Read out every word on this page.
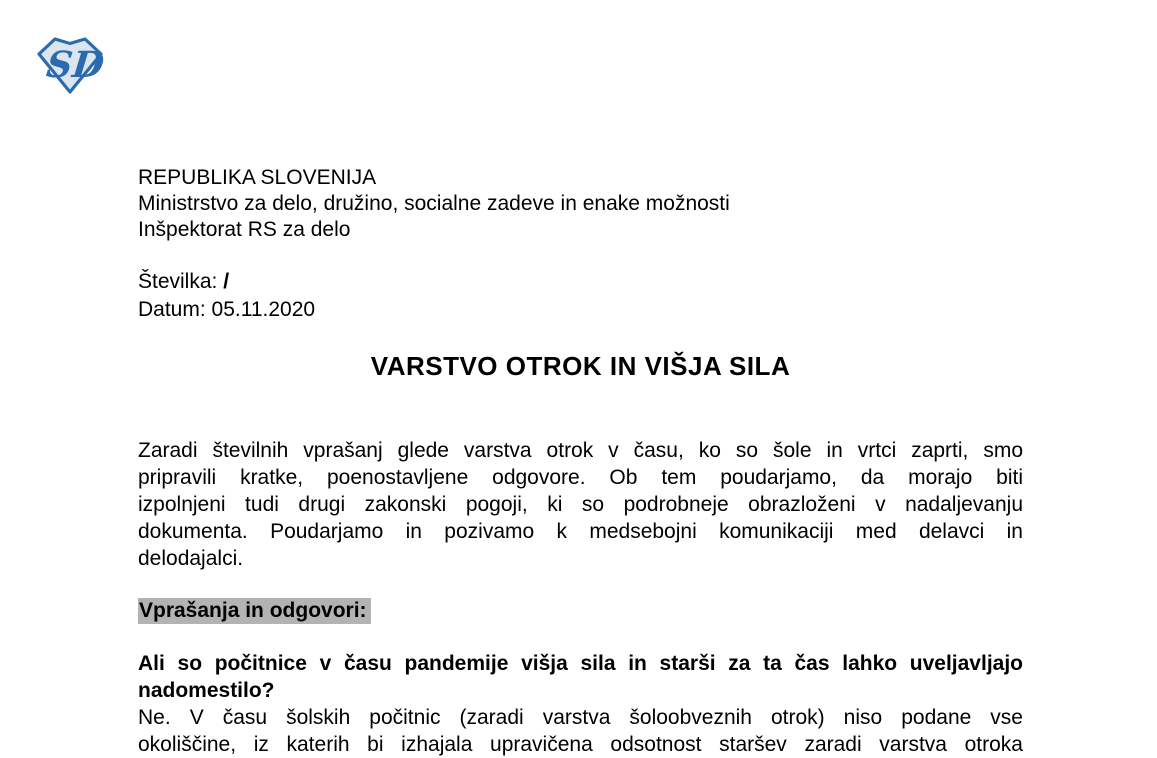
SD
REPUBLIKA SLOVENIJA
Ministrstvo za delo, družino, socialne zadeve in enake možnosti
Inšpektorat RS za delo
Številka: /
Datum: 05.11.2020
VARSTVO OTROK IN VIŠJA SILA
Zaradi številnih vprašanj glede varstva otrok v času, ko so šole in vrtci zaprti, smo
pripravili kratke, poenostavljene odgovore. Ob tem poudarjamo, da morajo biti
izpolnjeni tudi drugi zakonski pogoji, ki so podrobneje obrazloženi v nadaljevanju
dokumenta. Poudarjamo in pozivamo k medsebojni komunikaciji med delavci in
delodajalci.
Vprašanja in odgovori:
Ali so počitnice v času pandemije višja sila in starši za ta čas lahko uveljavljajo
nadomestilo?
Ne. V času šolskih počitnic (zaradi varstva šoloobveznih otrok) niso podane vse
okoliščine, iz katerih bi izhajala upravičena odsotnost staršev zaradi varstva otroka
